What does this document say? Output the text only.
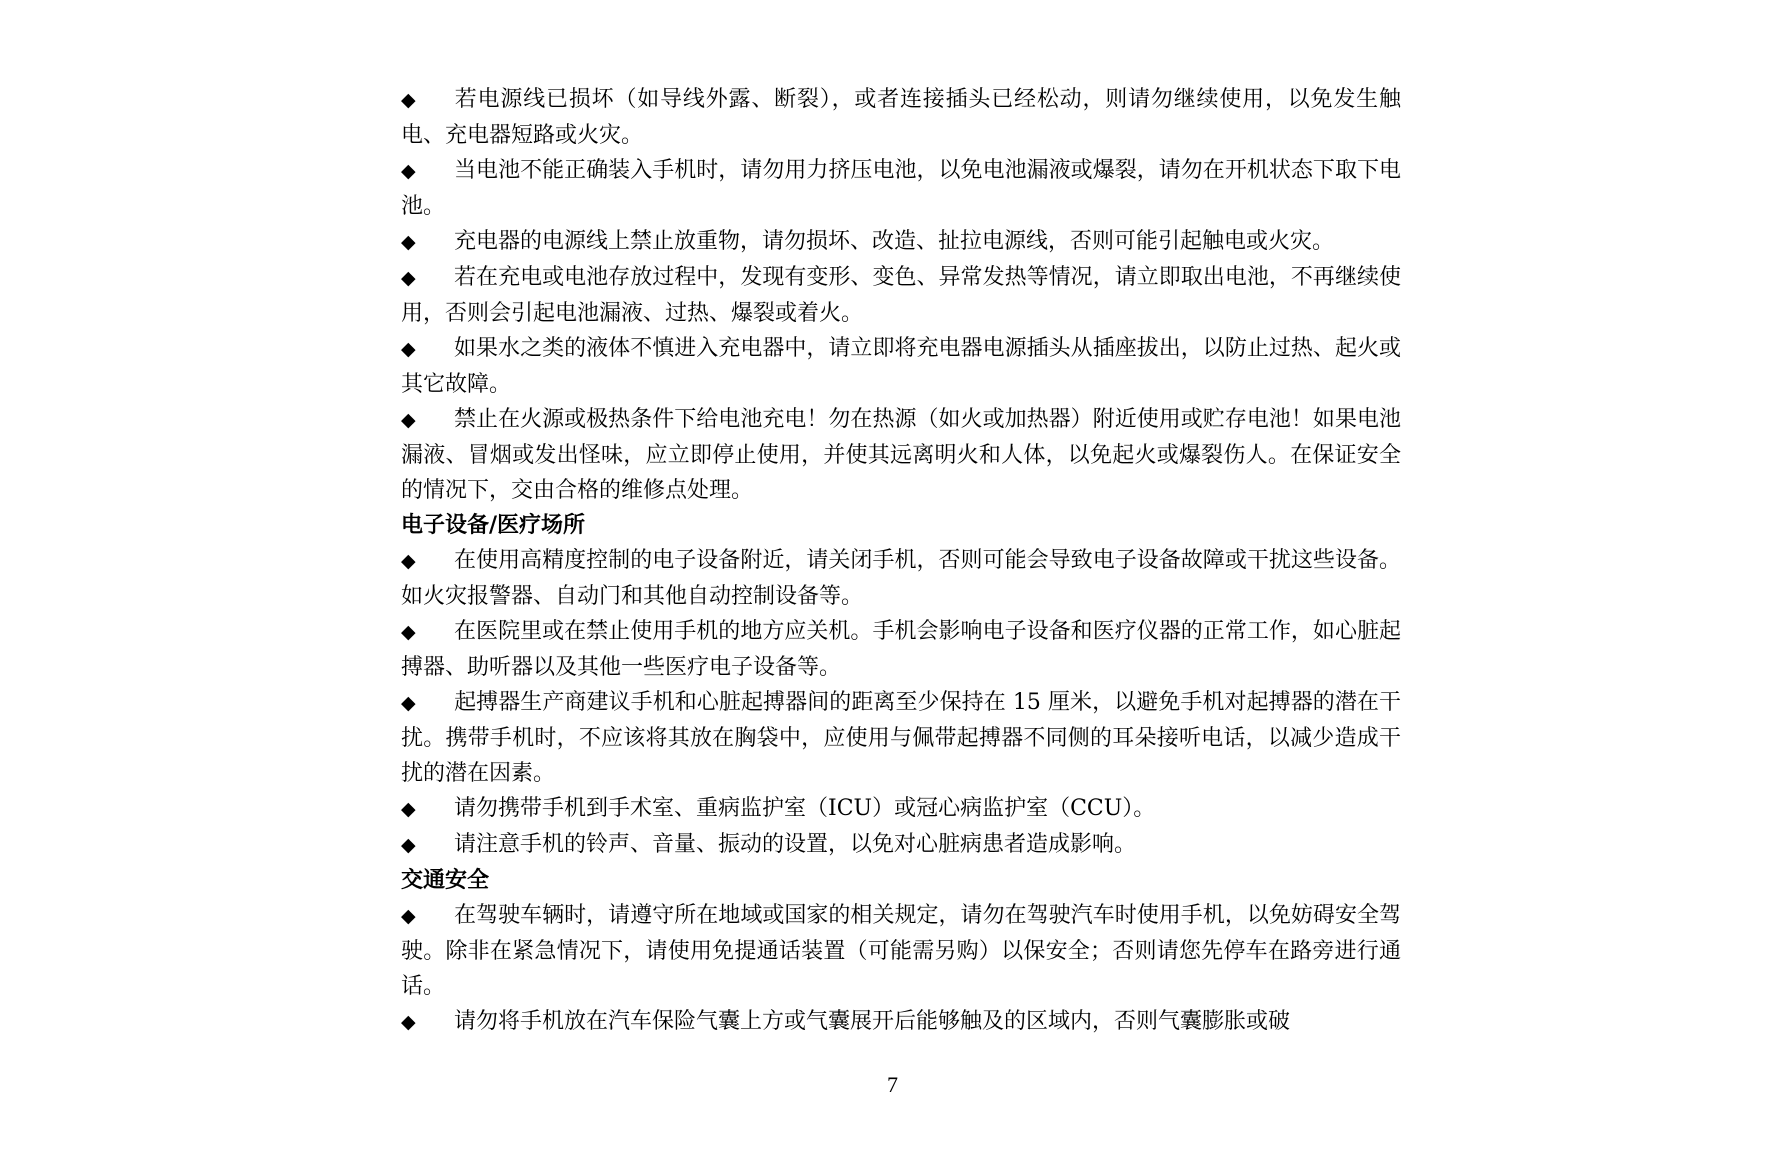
◆ 若电源线已损坏（如导线外露、断裂），或者连接插头已经松动，则请勿继续使用，以免发生触电、充电器短路或火灾。

◆ 当电池不能正确装入手机时，请勿用力挤压电池，以免电池漏液或爆裂，请勿在开机状态下取下电池。

◆ 充电器的电源线上禁止放重物，请勿损坏、改造、扯拉电源线，否则可能引起触电或火灾。

◆ 若在充电或电池存放过程中，发现有变形、变色、异常发热等情况，请立即取出电池，不再继续使用，否则会引起电池漏液、过热、爆裂或着火。

◆ 如果水之类的液体不慎进入充电器中，请立即将充电器电源插头从插座拔出，以防止过热、起火或其它故障。

◆ 禁止在火源或极热条件下给电池充电！勿在热源（如火或加热器）附近使用或贮存电池！如果电池漏液、冒烟或发出怪味，应立即停止使用，并使其远离明火和人体，以免起火或爆裂伤人。在保证安全的情况下，交由合格的维修点处理。

电子设备/医疗场所

◆ 在使用高精度控制的电子设备附近，请关闭手机，否则可能会导致电子设备故障或干扰这些设备。如火灾报警器、自动门和其他自动控制设备等。

◆ 在医院里或在禁止使用手机的地方应关机。手机会影响电子设备和医疗仪器的正常工作，如心脏起搏器、助听器以及其他一些医疗电子设备等。

◆ 起搏器生产商建议手机和心脏起搏器间的距离至少保持在 15 厘米，以避免手机对起搏器的潜在干扰。携带手机时，不应该将其放在胸袋中，应使用与佩带起搏器不同侧的耳朵接听电话，以减少造成干扰的潜在因素。

◆ 请勿携带手机到手术室、重病监护室（ICU）或冠心病监护室（CCU）。

◆ 请注意手机的铃声、音量、振动的设置，以免对心脏病患者造成影响。

交通安全

◆ 在驾驶车辆时，请遵守所在地域或国家的相关规定，请勿在驾驶汽车时使用手机，以免妨碍安全驾驶。除非在紧急情况下，请使用免提通话装置（可能需另购）以保安全；否则请您先停车在路旁进行通话。

◆ 请勿将手机放在汽车保险气囊上方或气囊展开后能够触及的区域内，否则气囊膨胀或破

7
